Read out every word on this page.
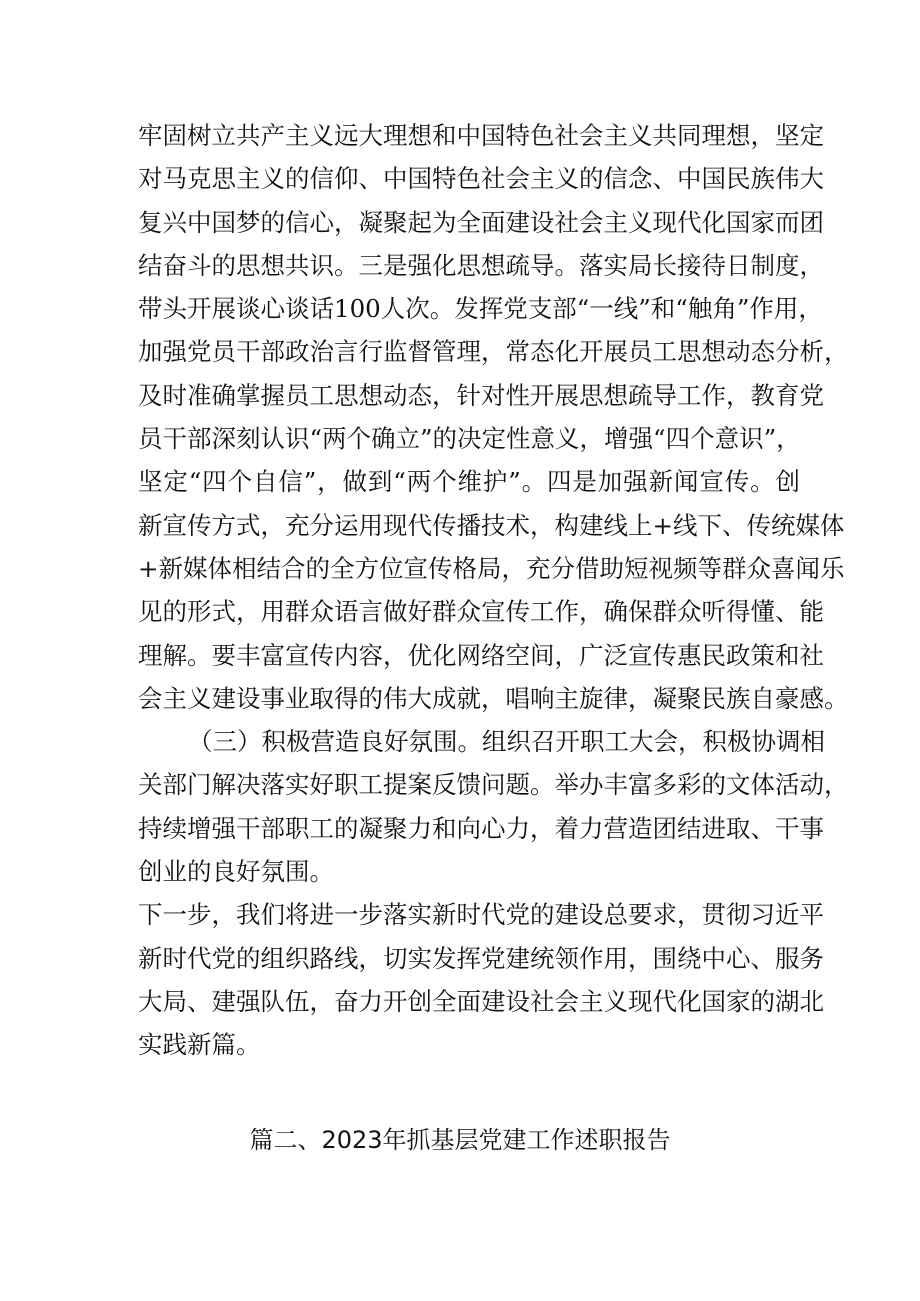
牢固树立共产主义远大理想和中国特色社会主义共同理想，坚定
对马克思主义的信仰、中国特色社会主义的信念、中国民族伟大
复兴中国梦的信心，凝聚起为全面建设社会主义现代化国家而团
结奋斗的思想共识。三是强化思想疏导。落实局长接待日制度，
带头开展谈心谈话100人次。发挥党支部“一线”和“触角”作用，
加强党员干部政治言行监督管理，常态化开展员工思想动态分析，
及时准确掌握员工思想动态，针对性开展思想疏导工作，教育党
员干部深刻认识“两个确立”的决定性意义，增强“四个意识”，
坚定“四个自信”，做到“两个维护”。四是加强新闻宣传。创
新宣传方式，充分运用现代传播技术，构建线上+线下、传统媒体
+新媒体相结合的全方位宣传格局，充分借助短视频等群众喜闻乐
见的形式，用群众语言做好群众宣传工作，确保群众听得懂、能
理解。要丰富宣传内容，优化网络空间，广泛宣传惠民政策和社
会主义建设事业取得的伟大成就，唱响主旋律，凝聚民族自豪感。
（三）积极营造良好氛围。组织召开职工大会，积极协调相
关部门解决落实好职工提案反馈问题。举办丰富多彩的文体活动，
持续增强干部职工的凝聚力和向心力，着力营造团结进取、干事
创业的良好氛围。
下一步，我们将进一步落实新时代党的建设总要求，贯彻习近平
新时代党的组织路线，切实发挥党建统领作用，围绕中心、服务
大局、建强队伍，奋力开创全面建设社会主义现代化国家的湖北
实践新篇。
篇二、2023年抓基层党建工作述职报告
